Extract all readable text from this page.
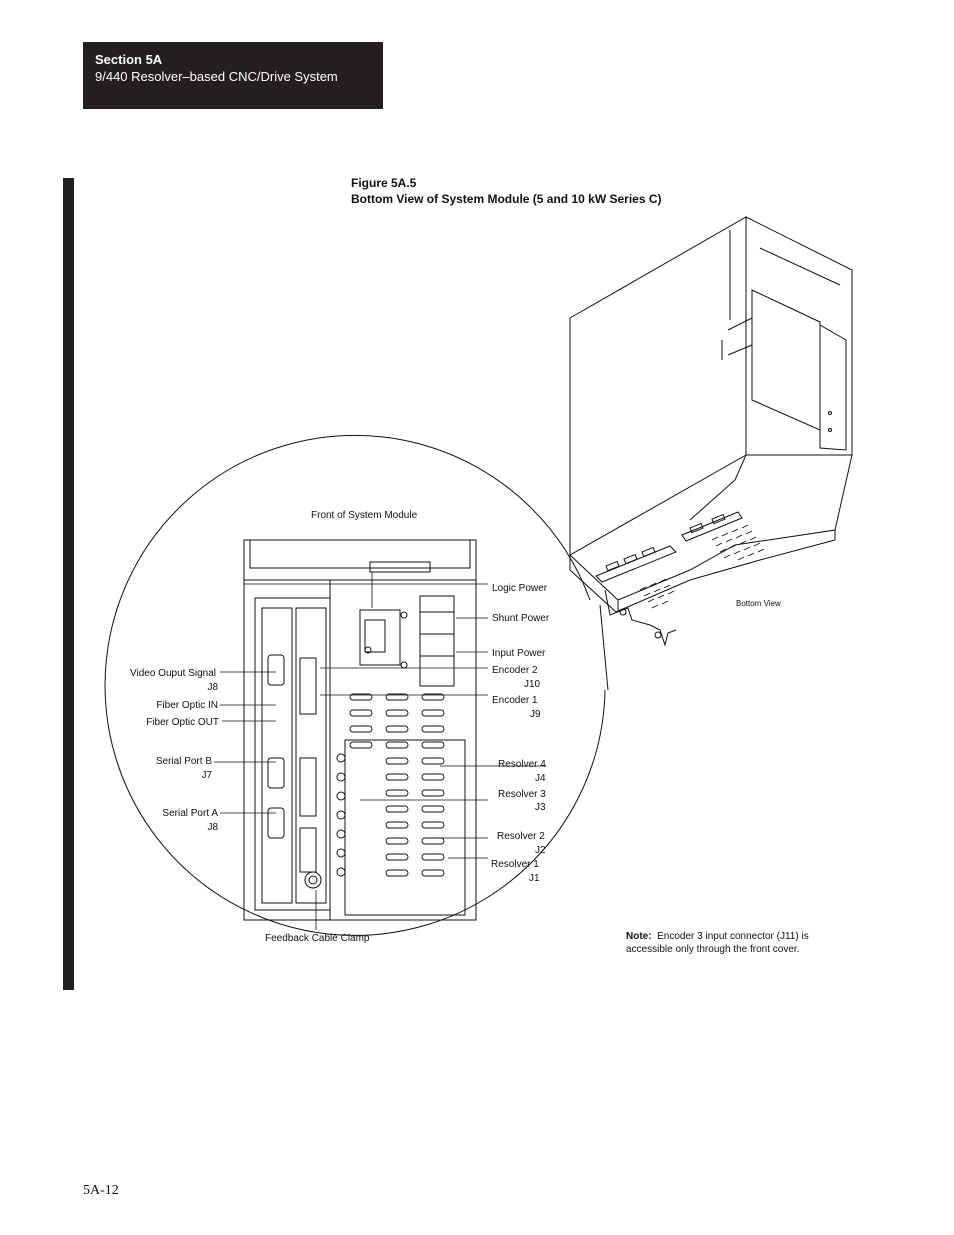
Section 5A
9/440 Resolver–based CNC/Drive System
Figure 5A.5
Bottom View of System Module (5 and 10 kW Series C)
Front of System Module
Bottom View
Feedback Cable Clamp
Logic Power
Shunt Power
Input Power
Encoder 2
J10
Encoder 1
J9
Resolver 4
J4
Resolver 3
J3
Resolver 2
J2
Resolver 1
J1
Video Ouput Signal
J8
Fiber Optic IN
Fiber Optic OUT
Serial Port B
J7
Serial Port A
J8
Note: Encoder 3 input connector (J11) is accessible only through the front cover.
5A-12
